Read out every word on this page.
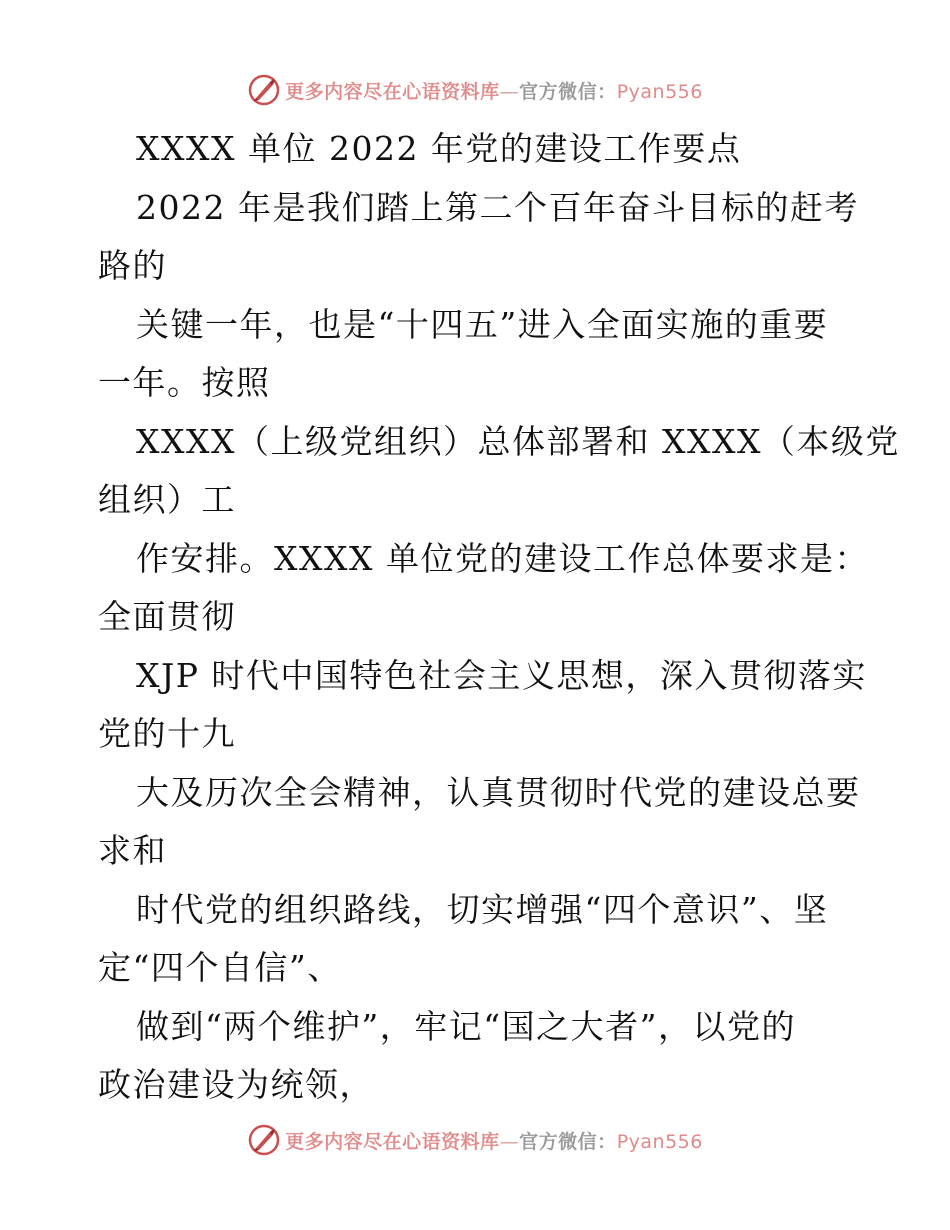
更多内容尽在心语资料库—官方微信：Pyan556
XXXX 单位 2022 年党的建设工作要点
2022 年是我们踏上第二个百年奋斗目标的赶考
路的
关键一年，也是“十四五”进入全面实施的重要
一年。按照
XXXX（上级党组织）总体部署和 XXXX（本级党
组织）工
作安排。XXXX 单位党的建设工作总体要求是：
全面贯彻
XJP 时代中国特色社会主义思想，深入贯彻落实
党的十九
大及历次全会精神，认真贯彻时代党的建设总要
求和
时代党的组织路线，切实增强“四个意识”、坚
定“四个自信”、
做到“两个维护”，牢记“国之大者”，以党的
政治建设为统领，
更多内容尽在心语资料库—官方微信：Pyan556
